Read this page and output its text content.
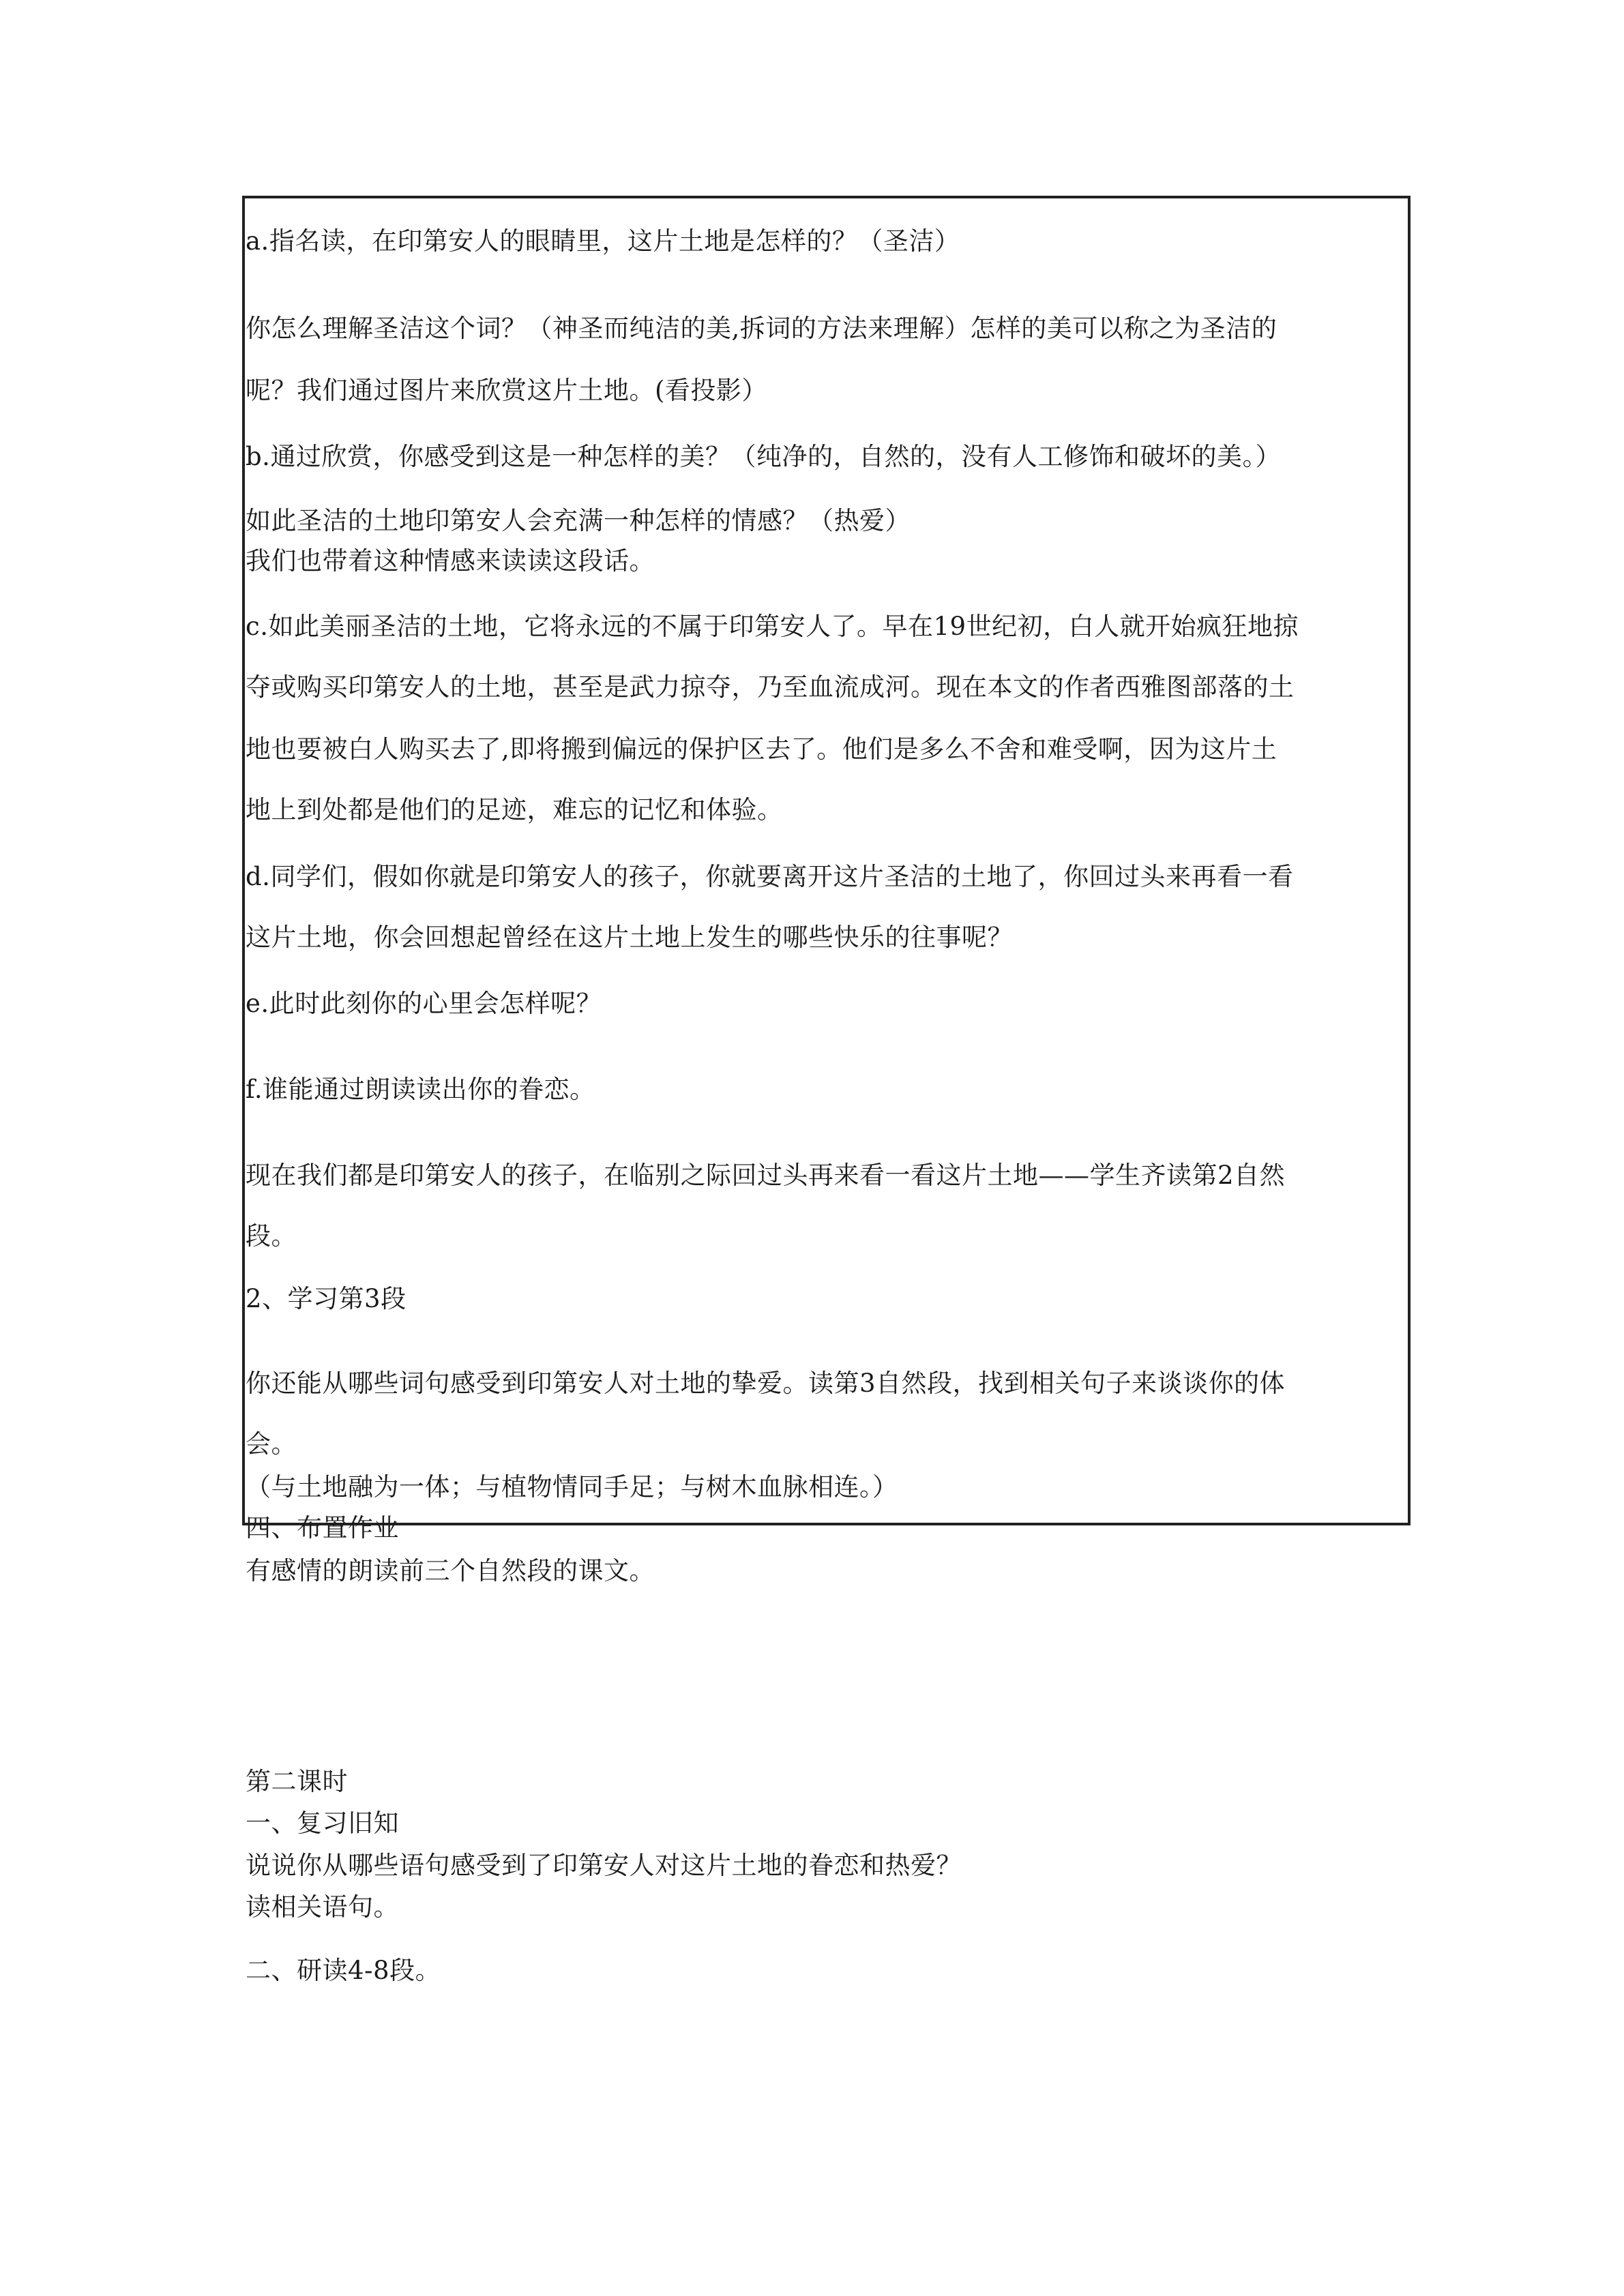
a.指名读，在印第安人的眼睛里，这片土地是怎样的？（圣洁）
你怎么理解圣洁这个词？（神圣而纯洁的美,拆词的方法来理解）怎样的美可以称之为圣洁的
呢？我们通过图片来欣赏这片土地。(看投影）
b.通过欣赏，你感受到这是一种怎样的美？（纯净的，自然的，没有人工修饰和破坏的美。）
如此圣洁的土地印第安人会充满一种怎样的情感？（热爱）
我们也带着这种情感来读读这段话。
c.如此美丽圣洁的土地，它将永远的不属于印第安人了。早在19世纪初，白人就开始疯狂地掠
夺或购买印第安人的土地，甚至是武力掠夺，乃至血流成河。现在本文的作者西雅图部落的土
地也要被白人购买去了,即将搬到偏远的保护区去了。他们是多么不舍和难受啊，因为这片土
地上到处都是他们的足迹，难忘的记忆和体验。
d.同学们，假如你就是印第安人的孩子，你就要离开这片圣洁的土地了，你回过头来再看一看
这片土地，你会回想起曾经在这片土地上发生的哪些快乐的往事呢？
e.此时此刻你的心里会怎样呢？
f.谁能通过朗读读出你的眷恋。
现在我们都是印第安人的孩子，在临别之际回过头再来看一看这片土地——学生齐读第2自然
段。
2、学习第3段
你还能从哪些词句感受到印第安人对土地的挚爱。读第3自然段，找到相关句子来谈谈你的体
会。
（与土地融为一体；与植物情同手足；与树木血脉相连。）
四、布置作业
有感情的朗读前三个自然段的课文。
第二课时
一、复习旧知
说说你从哪些语句感受到了印第安人对这片土地的眷恋和热爱？
读相关语句。
二、研读4-8段。
